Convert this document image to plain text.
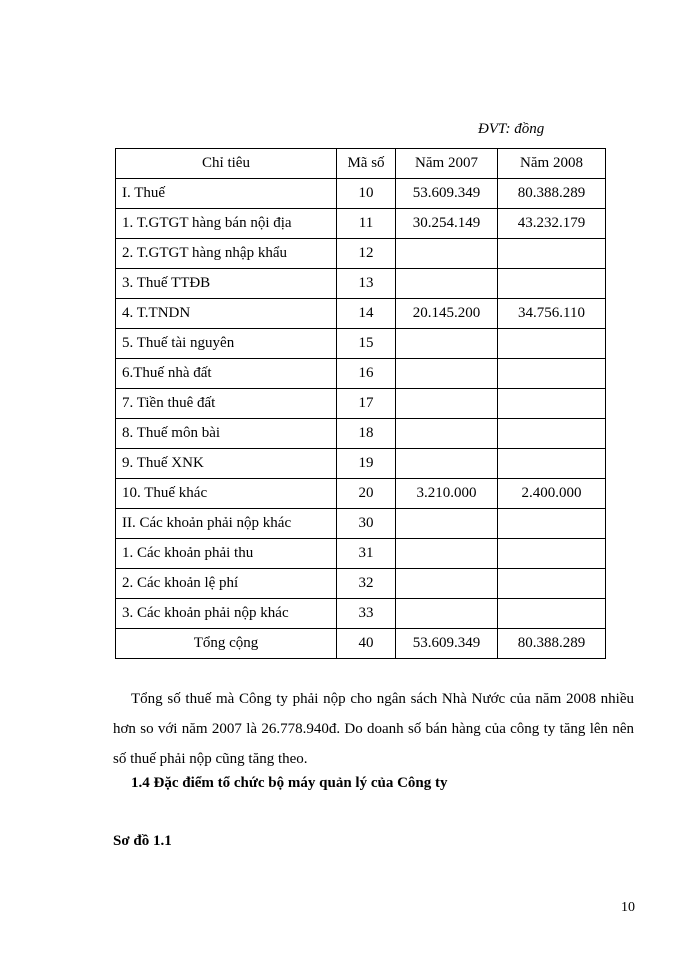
ĐVT: đồng
Chỉ tiêu	Mã số	Năm 2007	Năm 2008
I. Thuế	10	53.609.349	80.388.289
1. T.GTGT hàng bán nội địa	11	30.254.149	43.232.179
2. T.GTGT hàng nhập khẩu	12		
3. Thuế TTĐB	13		
4. T.TNDN	14	20.145.200	34.756.110
5. Thuế tài nguyên	15		
6.Thuế nhà đất	16		
7. Tiền thuê đất	17		
8. Thuế môn bài	18		
9. Thuế XNK	19		
10. Thuế khác	20	3.210.000	2.400.000
II. Các khoản phải nộp khác	30		
1. Các khoản phải thu	31		
2. Các khoản lệ phí	32		
3. Các khoản phải nộp khác	33		
Tổng cộng	40	53.609.349	80.388.289

Tổng số thuế mà Công ty phải nộp cho ngân sách Nhà Nước của năm 2008 nhiều hơn so với năm 2007 là 26.778.940đ. Do doanh số bán hàng của công ty tăng lên nên số thuế phải nộp cũng tăng theo.

1.4 Đặc điểm tổ chức bộ máy quản lý của Công ty
Sơ đồ 1.1
10
